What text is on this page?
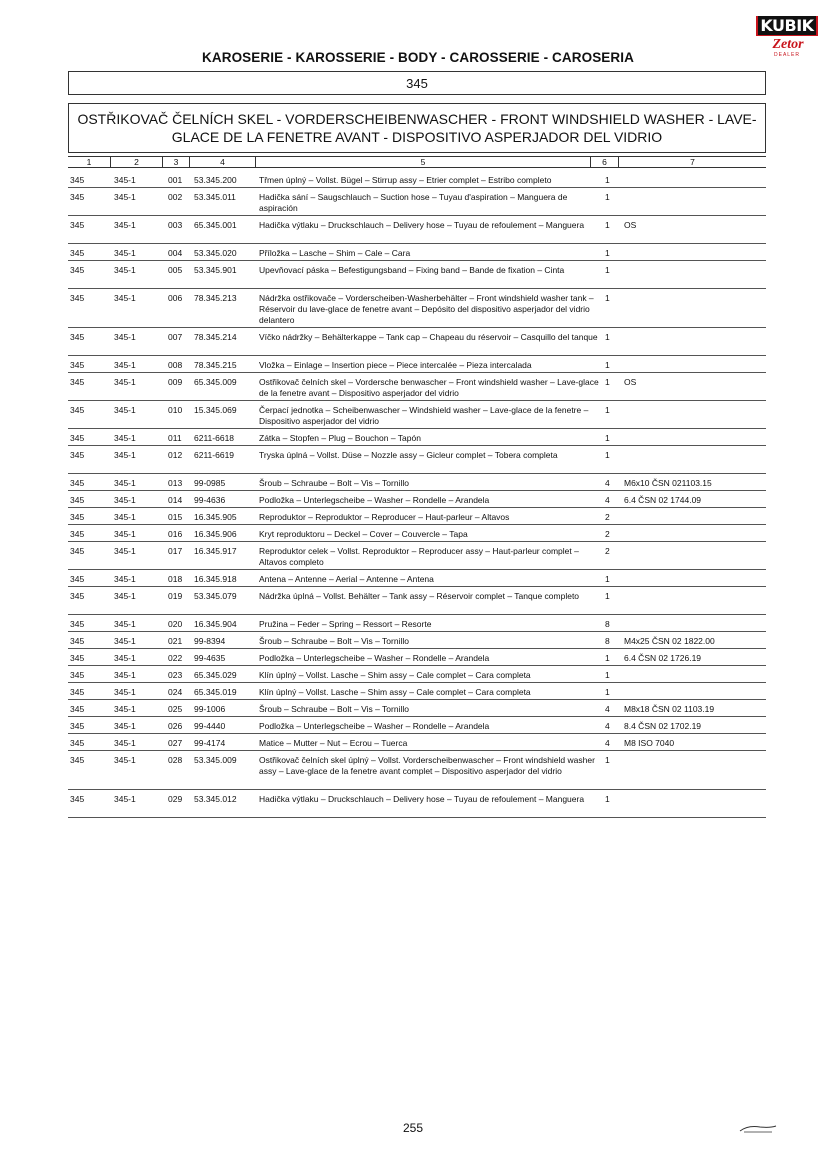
KUBIK
Zetor
DEALER
KAROSERIE - KAROSSERIE - BODY - CAROSSERIE - CAROSERIA
345
OSTŘIKOVAČ ČELNÍCH SKEL - VORDERSCHEIBENWASCHER - FRONT WINDSHIELD WASHER - LAVE-
GLACE DE LA FENETRE AVANT - DISPOSITIVO ASPERJADOR DEL VIDRIO
1	2	3	4	5	6	7
345	345-1	001 53.345.200	Třmen úplný – Vollst. Bügel – Stirrup assy – Etrier complet – Estribo completo	1
345	345-1	002 53.345.011	Hadička sání – Saugschlauch – Suction hose – Tuyau d'aspiration – Manguera de aspiración
1
345	345-1	003 65.345.001	Hadička výtlaku – Druckschlauch – Delivery hose – Tuyau de refoulement – Manguera	1 OS
345	345-1	004 53.345.020	Příložka – Lasche – Shim – Cale – Cara	1
345	345-1	005 53.345.901	Upevňovací páska – Befestigungsband – Fixing band – Bande de fixation – Cinta	1
345	345-1	006 78.345.213	Nádržka ostřikovače – Vorderscheiben-Washerbehälter – Front windshield washer tank – Réservoir du lave-glace de fenetre avant – Depósito del dispositivo asperjador del vidrio delantero
1
345	345-1	007 78.345.214	Víčko nádržky – Behälterkappe – Tank cap – Chapeau du réservoir – Casquillo del tanque 1
345	345-1	008 78.345.215	Vložka – Einlage – Insertion piece – Piece intercalée – Pieza intercalada	1
345	345-1	009 65.345.009	Ostřikovač čelních skel – Vordersche benwascher – Front windshield washer – Lave-glace de la fenetre avant – Dispositivo asperjador del vidrio
1 OS
345	345-1	010 15.345.069	Čerpací jednotka – Scheibenwascher – Windshield washer – Lave-glace de la fenetre – Dispositivo asperjador del vidrio
1
345	345-1	011 6211-6618	Zátka – Stopfen – Plug – Bouchon – Tapón	1
345	345-1	012 6211-6619	Tryska úplná – Vollst. Düse – Nozzle assy – Gicleur complet – Tobera completa	1
345	345-1	013 99-0985	Šroub – Schraube – Bolt – Vis – Tornillo	4 M6x10 ČSN 021103.15
345	345-1	014 99-4636	Podložka – Unterlegscheibe – Washer – Rondelle – Arandela	4 6.4 ČSN 02 1744.09
345	345-1	015 16.345.905	Reproduktor – Reproduktor – Reproducer – Haut-parleur – Altavos	2
345	345-1	016 16.345.906	Kryt reproduktoru – Deckel – Cover – Couvercle – Tapa	2
345	345-1	017 16.345.917	Reproduktor celek – Vollst. Reproduktor – Reproducer assy – Haut-parleur complet – Altavos completo
2
345	345-1	018 16.345.918	Antena – Antenne – Aerial – Antenne – Antena	1
345	345-1	019 53.345.079	Nádržka úplná – Vollst. Behälter – Tank assy – Réservoir complet – Tanque completo	1
345	345-1	020 16.345.904	Pružina – Feder – Spring – Ressort – Resorte	8
345	345-1	021 99-8394	Šroub – Schraube – Bolt – Vis – Tornillo	8 M4x25 ČSN 02 1822.00
345	345-1	022 99-4635	Podložka – Unterlegscheibe – Washer – Rondelle – Arandela	1 6.4 ČSN 02 1726.19
345	345-1	023 65.345.029	Klín úplný – Vollst. Lasche – Shim assy – Cale complet – Cara completa	1
345	345-1	024 65.345.019	Klín úplný – Vollst. Lasche – Shim assy – Cale complet – Cara completa	1
345	345-1	025 99-1006	Šroub – Schraube – Bolt – Vis – Tornillo	4 M8x18 ČSN 02 1103.19
345	345-1	026 99-4440	Podložka – Unterlegscheibe – Washer – Rondelle – Arandela	4 8.4 ČSN 02 1702.19
345	345-1	027 99-4174	Matice – Mutter – Nut – Ecrou – Tuerca	4 M8 ISO 7040
345	345-1	028 53.345.009	Ostřikovač čelních skel úplný – Vollst. Vorderscheibenwascher – Front windshield washer assy – Lave-glace de la fenetre avant complet – Dispositivo asperjador del vidrio
1
345	345-1	029 53.345.012	Hadička výtlaku – Druckschlauch – Delivery hose – Tuyau de refoulement – Manguera	1
255
